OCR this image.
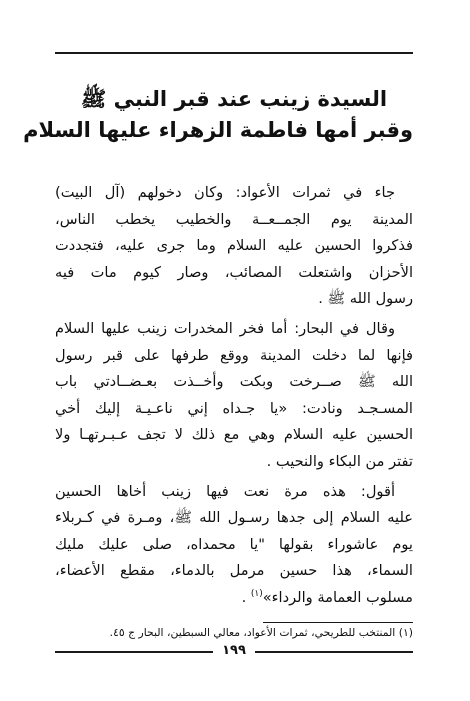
السيدة زينب عند قبر النبي ﷺ
وقبر أمها فاطمة الزهراء عليها السلام
جاء في ثمرات الأعواد: وكان دخولهم (آل البيت)
المدينة يوم الجمــعــة والخطيب يخطب الناس،
فذكروا الحسين عليه السلام وما جرى عليه، فتجددت
الأحزان واشتعلت المصائب، وصار كيوم مات فيه
رسول الله ﷺ .
وقال في البحار: أما فخر المخدرات زينب عليها السلام
فإنها لما دخلت المدينة ووقع طرفها على قبر رسول
الله ﷺ صــرخت وبكت وأخــذت بعـضــادتي باب
المسـجـد ونادت: «يا جـداه إني ناعـيـة إليك أخي
الحسين عليه السلام وهي مع ذلك لا تجف عـبـرتهـا ولا
تفتر من البكاء والنحيب .
أقول: هذه مرة نعت فيها زينب أخاها الحسين
عليه السلام إلى جدها رسـول الله ﷺ، ومـرة في كـربلاء
يوم عاشوراء بقولها "يا محمداه، صلى عليك مليك
السماء، هذا حسين مرمل بالدماء، مقطع الأعضاء،
مسلوب العمامة والرداء»$^{(١)}$ .
(١) المنتخب للطريحي، ثمرات الأعواد، معالي السبطين، البحار ج ٤٥.
١٩٩
